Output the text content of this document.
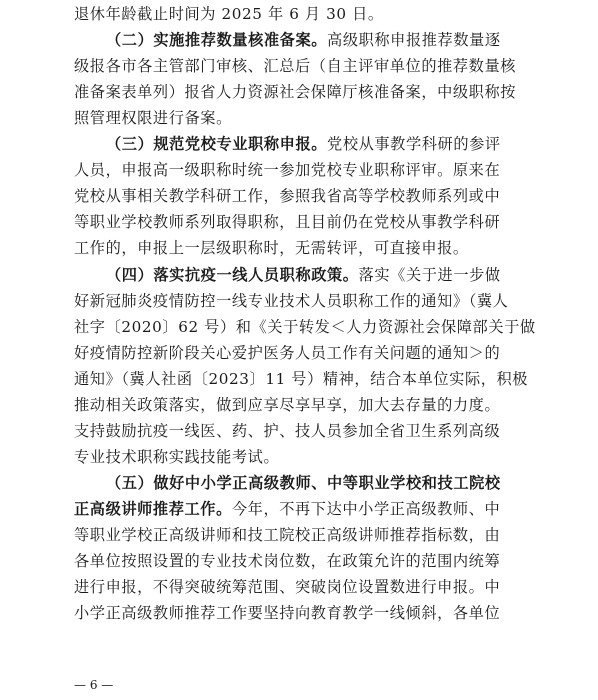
退休年龄截止时间为 2025 年 6 月 30 日。
（二）实施推荐数量核准备案。高级职称申报推荐数量逐
级报各市各主管部门审核、汇总后（自主评审单位的推荐数量核
准备案表单列）报省人力资源社会保障厅核准备案，中级职称按
照管理权限进行备案。
（三）规范党校专业职称申报。党校从事教学科研的参评
人员，申报高一级职称时统一参加党校专业职称评审。原来在
党校从事相关教学科研工作，参照我省高等学校教师系列或中
等职业学校教师系列取得职称，且目前仍在党校从事教学科研
工作的，申报上一层级职称时，无需转评，可直接申报。
（四）落实抗疫一线人员职称政策。落实《关于进一步做
好新冠肺炎疫情防控一线专业技术人员职称工作的通知》（冀人
社字〔2020〕62 号）和《关于转发＜人力资源社会保障部关于做
好疫情防控新阶段关心爱护医务人员工作有关问题的通知＞的
通知》（冀人社函〔2023〕11 号）精神，结合本单位实际，积极
推动相关政策落实，做到应享尽享早享，加大去存量的力度。
支持鼓励抗疫一线医、药、护、技人员参加全省卫生系列高级
专业技术职称实践技能考试。
（五）做好中小学正高级教师、中等职业学校和技工院校
正高级讲师推荐工作。今年，不再下达中小学正高级教师、中
等职业学校正高级讲师和技工院校正高级讲师推荐指标数，由
各单位按照设置的专业技术岗位数，在政策允许的范围内统筹
进行申报，不得突破统筹范围、突破岗位设置数进行申报。中
小学正高级教师推荐工作要坚持向教育教学一线倾斜，各单位
— 6 —
